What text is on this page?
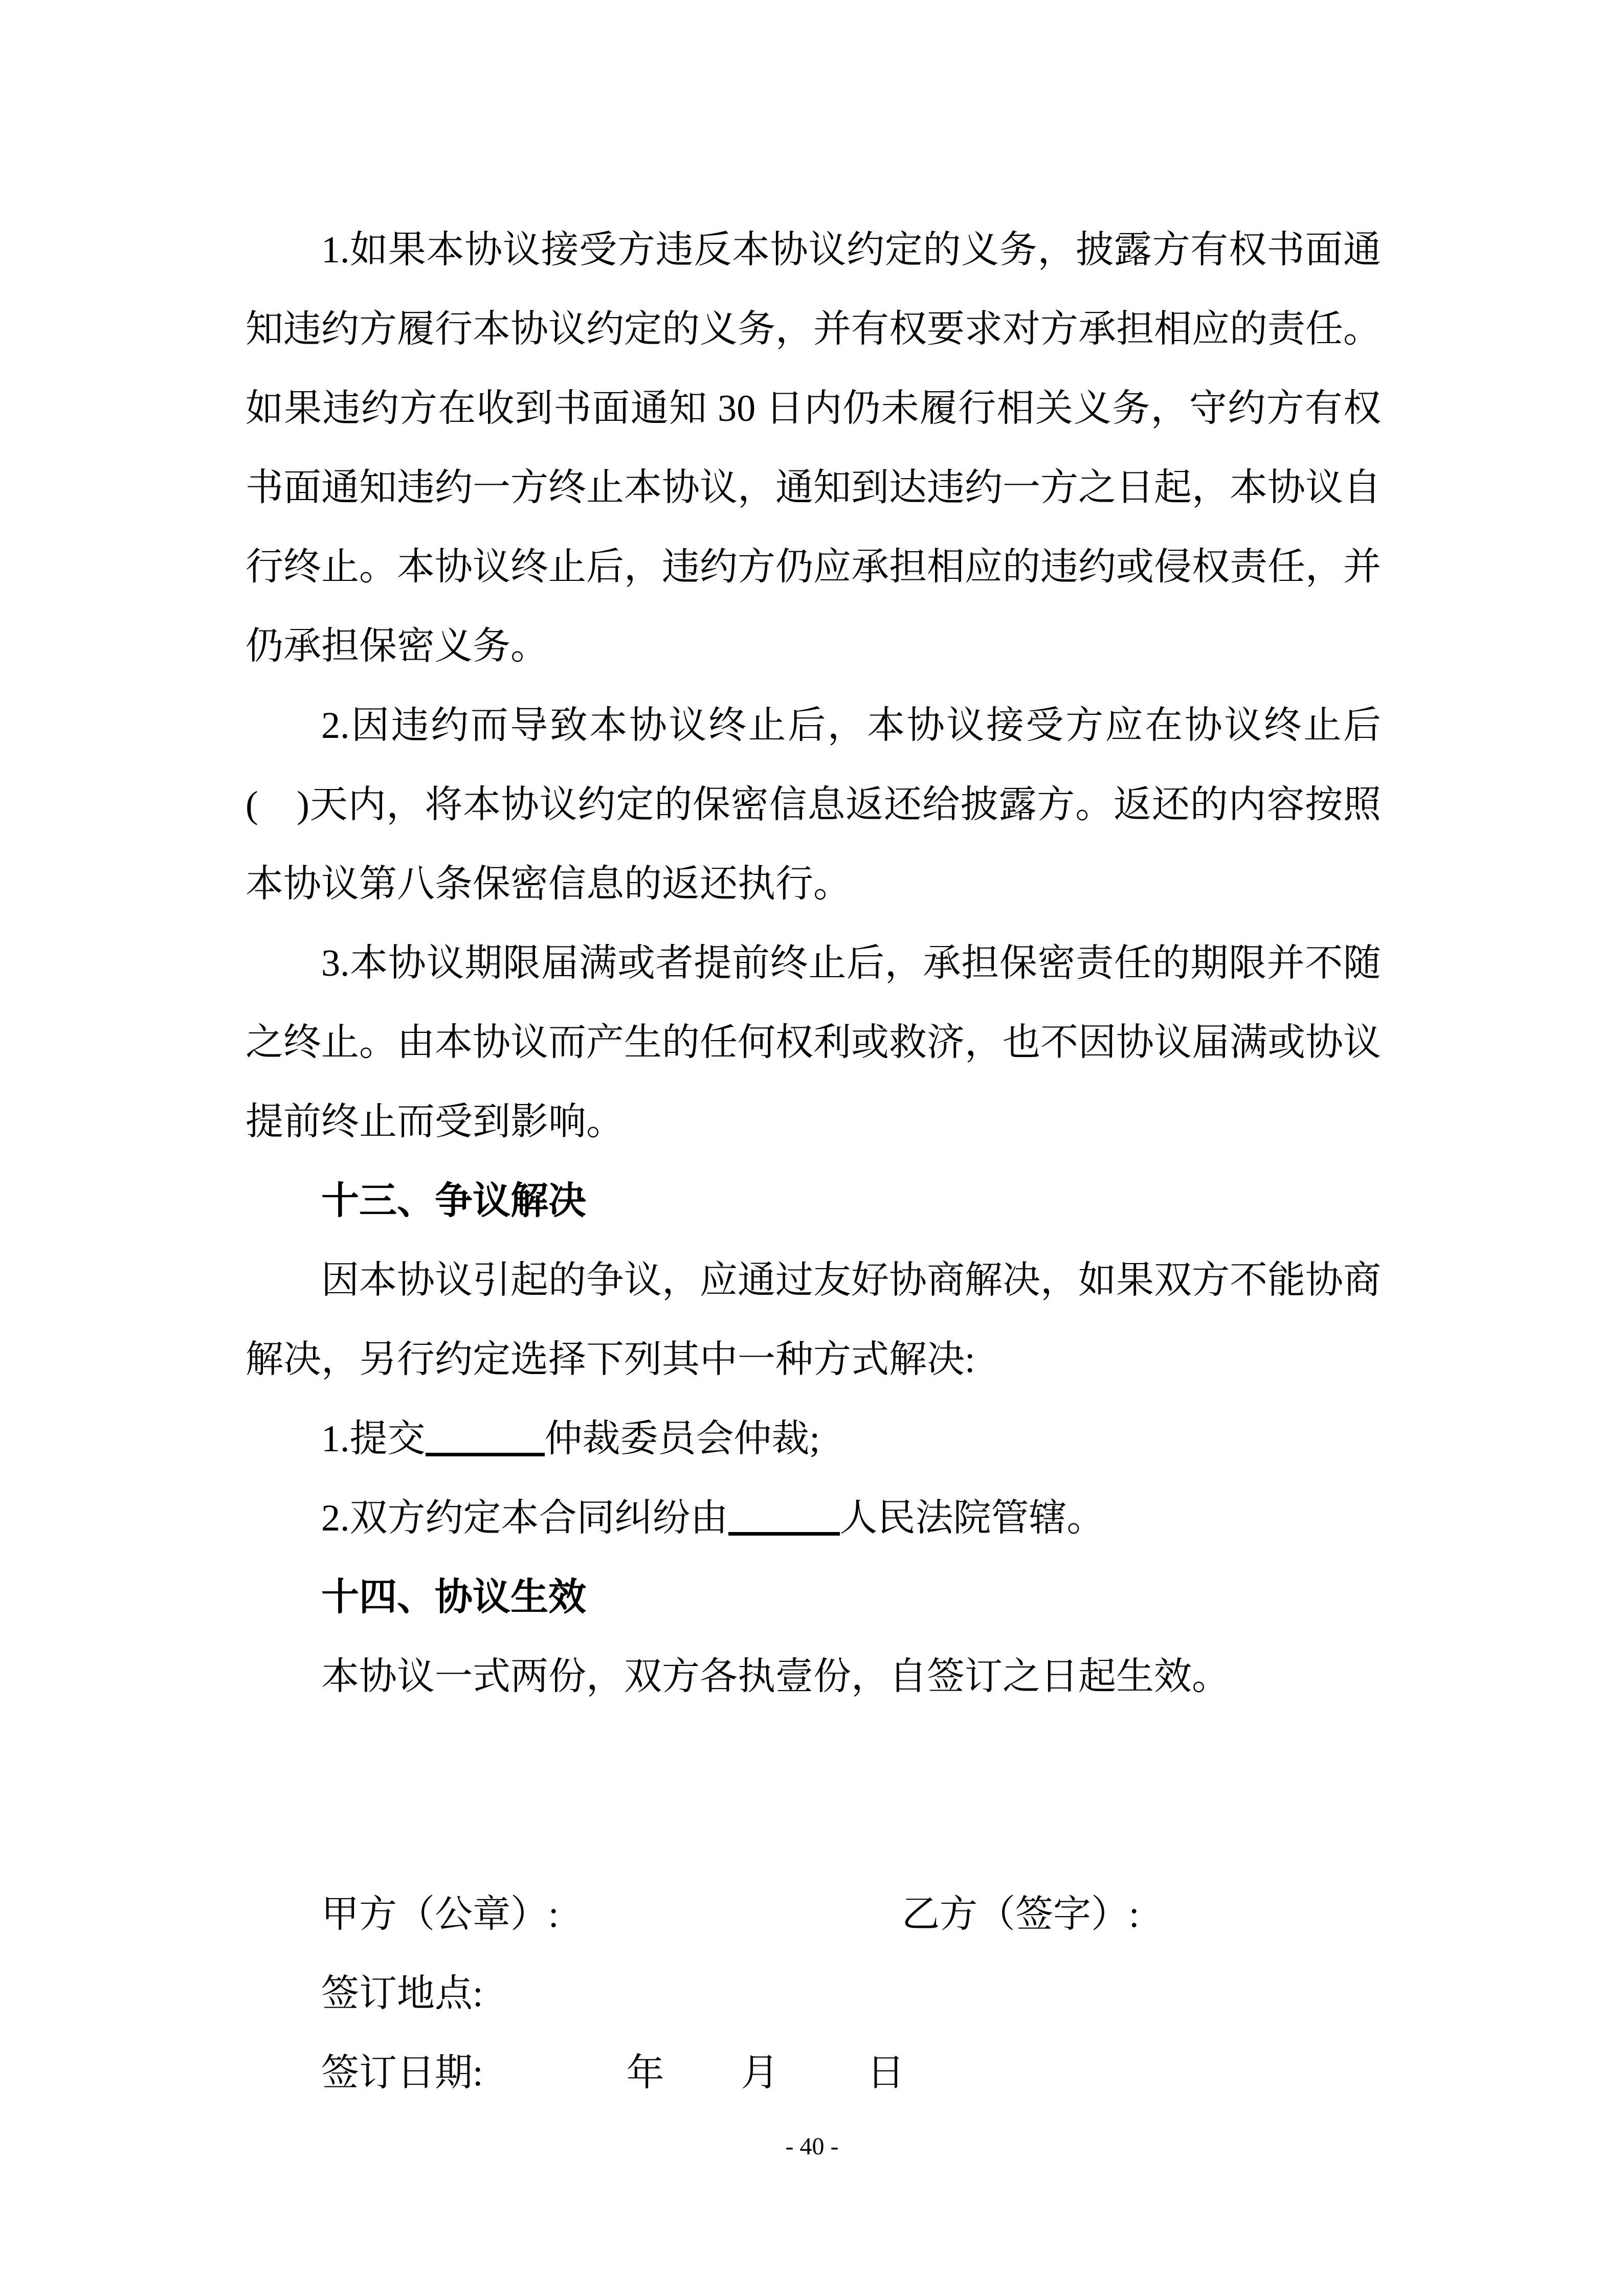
1.如果本协议接受方违反本协议约定的义务，披露方有权书面通
知违约方履行本协议约定的义务，并有权要求对方承担相应的责任。
如果违约方在收到书面通知 30 日内仍未履行相关义务，守约方有权
书面通知违约一方终止本协议，通知到达违约一方之日起，本协议自
行终止。本协议终止后，违约方仍应承担相应的违约或侵权责任，并
仍承担保密义务。
2.因违约而导致本协议终止后，本协议接受方应在协议终止后
(　)天内，将本协议约定的保密信息返还给披露方。返还的内容按照
本协议第八条保密信息的返还执行。
3.本协议期限届满或者提前终止后，承担保密责任的期限并不随
之终止。由本协议而产生的任何权利或救济，也不因协议届满或协议
提前终止而受到影响。
十三、争议解决
因本协议引起的争议，应通过友好协商解决，如果双方不能协商
解决，另行约定选择下列其中一种方式解决:
1.提交	仲裁委员会仲裁;
2.双方约定本合同纠纷由	人民法院管辖。
十四、协议生效
本协议一式两份，双方各执壹份，自签订之日起生效。
甲方（公章）:	乙方（签字）:
签订地点:
签订日期:	年 月 日
- 40 -
